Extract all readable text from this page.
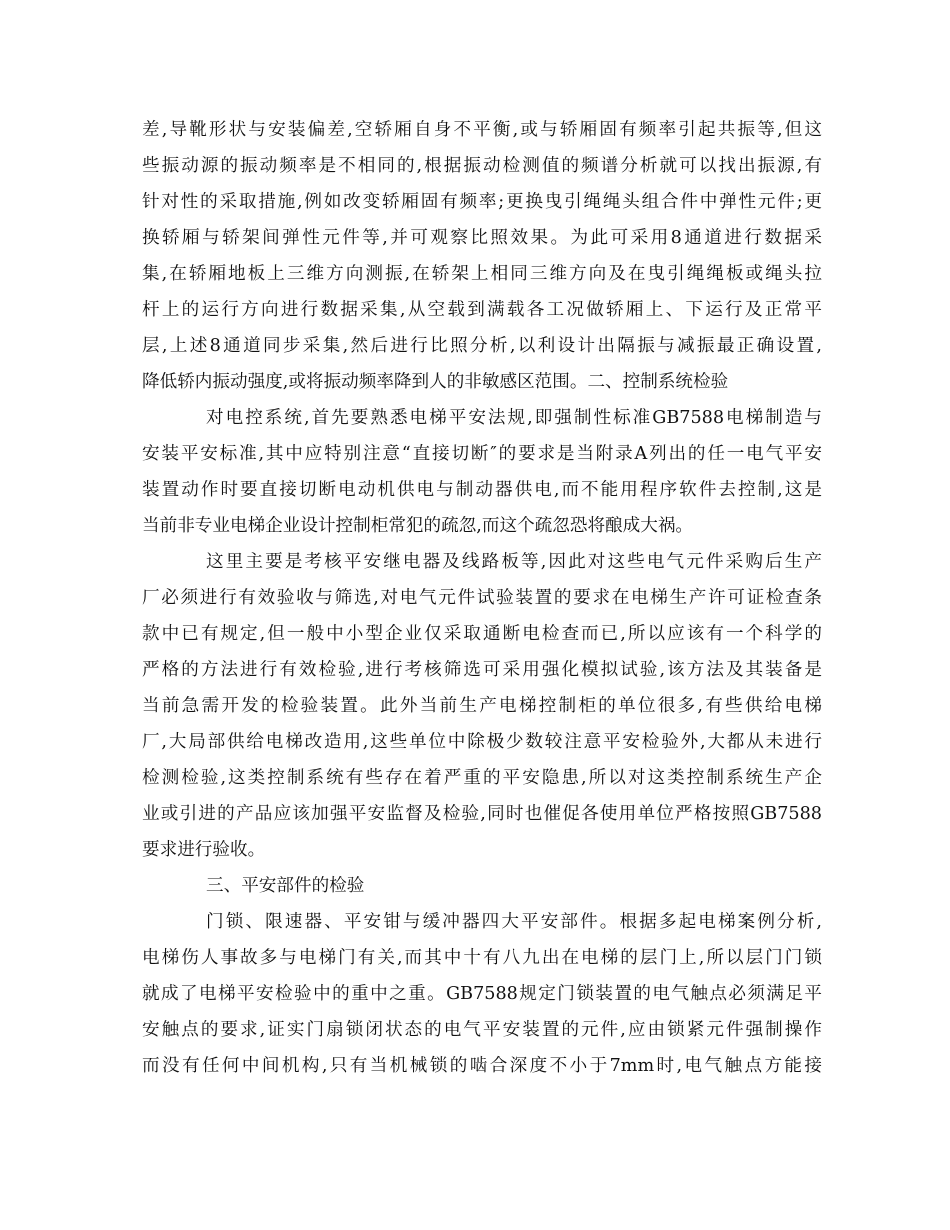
差,导靴形状与安装偏差,空轿厢自身不平衡,或与轿厢固有频率引起共振等,但这
些振动源的振动频率是不相同的,根据振动检测值的频谱分析就可以找出振源,有
针对性的采取措施,例如改变轿厢固有频率;更换曳引绳绳头组合件中弹性元件;更
换轿厢与轿架间弹性元件等,并可观察比照效果。为此可采用8通道进行数据采
集,在轿厢地板上三维方向测振,在轿架上相同三维方向及在曳引绳绳板或绳头拉
杆上的运行方向进行数据采集,从空载到满载各工况做轿厢上、下运行及正常平
层,上述8通道同步采集,然后进行比照分析,以利设计出隔振与减振最正确设置,
降低轿内振动强度,或将振动频率降到人的非敏感区范围。二、控制系统检验
对电控系统,首先要熟悉电梯平安法规,即强制性标准GB7588电梯制造与
安装平安标准,其中应特别注意“直接切断″的要求是当附录A列出的任一电气平安
装置动作时要直接切断电动机供电与制动器供电,而不能用程序软件去控制,这是
当前非专业电梯企业设计控制柜常犯的疏忽,而这个疏忽恐将酿成大祸。
这里主要是考核平安继电器及线路板等,因此对这些电气元件采购后生产
厂必须进行有效验收与筛选,对电气元件试验装置的要求在电梯生产许可证检查条
款中已有规定,但一般中小型企业仅采取通断电检查而已,所以应该有一个科学的
严格的方法进行有效检验,进行考核筛选可采用强化模拟试验,该方法及其装备是
当前急需开发的检验装置。此外当前生产电梯控制柜的单位很多,有些供给电梯
厂,大局部供给电梯改造用,这些单位中除极少数较注意平安检验外,大都从未进行
检测检验,这类控制系统有些存在着严重的平安隐患,所以对这类控制系统生产企
业或引进的产品应该加强平安监督及检验,同时也催促各使用单位严格按照GB7588
要求进行验收。
三、平安部件的检验
门锁、限速器、平安钳与缓冲器四大平安部件。根据多起电梯案例分析,
电梯伤人事故多与电梯门有关,而其中十有八九出在电梯的层门上,所以层门门锁
就成了电梯平安检验中的重中之重。GB7588规定门锁装置的电气触点必须满足平
安触点的要求,证实门扇锁闭状态的电气平安装置的元件,应由锁紧元件强制操作
而没有任何中间机构,只有当机械锁的啮合深度不小于7mm时,电气触点方能接
